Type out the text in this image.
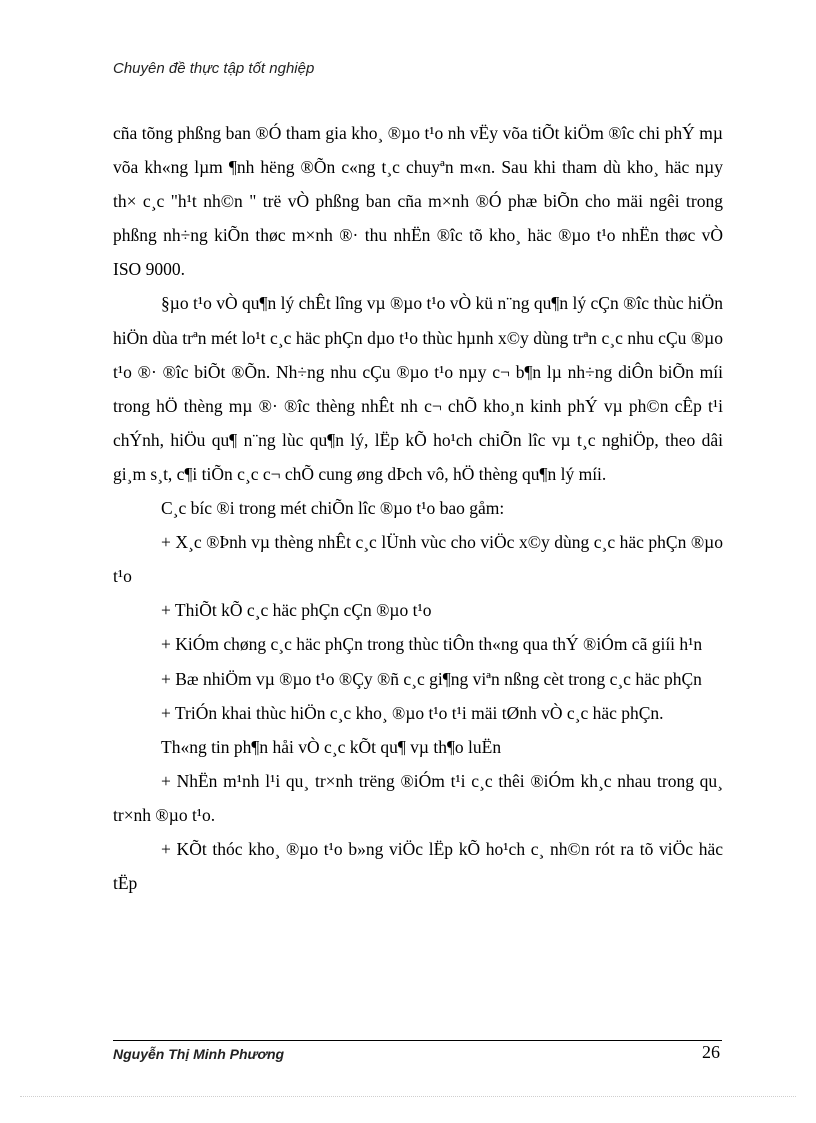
Chuyên đề thực tập tốt nghiệp

cña tõng phßng ban ®Ó tham gia kho¸ ®µo t¹o nh vËy võa tiÕt kiÖm ®îc chi phÝ mµ võa kh«ng lµm ¶nh hëng ®Õn c«ng t¸c chuyªn m«n. Sau khi tham dù kho¸ häc nµy th× c¸c "h¹t nh©n " trë vÒ phßng ban cña m×nh ®Ó phæ biÕn cho mäi ngêi trong phßng nh÷ng kiÕn thøc m×nh ®· thu nhËn ®îc tõ kho¸ häc ®µo t¹o nhËn thøc vÒ ISO 9000.

§µo t¹o vÒ qu¶n lý chÊt lîng vµ ®µo t¹o vÒ kü n¨ng qu¶n lý cÇn ®îc thùc hiÖn hiÖn dùa trªn mét lo¹t c¸c häc phÇn dµo t¹o thùc hµnh x©y dùng trªn c¸c nhu cÇu ®µo t¹o ®· ®îc biÕt ®Õn. Nh÷ng nhu cÇu ®µo t¹o nµy c¬ b¶n lµ nh÷ng diÔn biÕn míi trong hÖ thèng mµ ®· ®îc thèng nhÊt nh c¬ chÕ kho¸n kinh phÝ vµ ph©n cÊp t¹i chÝnh, hiÖu qu¶ n¨ng lùc qu¶n lý, lËp kÕ ho¹ch chiÕn lîc vµ t¸c nghiÖp, theo dâi gi¸m s¸t, c¶i tiÕn c¸c c¬ chÕ cung øng dÞch vô, hÖ thèng qu¶n lý míi.

C¸c bíc ®i trong mét chiÕn lîc ®µo t¹o bao gåm:

+ X¸c ®Þnh vµ thèng nhÊt c¸c lÜnh vùc cho viÖc x©y dùng c¸c häc phÇn ®µo t¹o

+ ThiÕt kÕ c¸c häc phÇn cÇn ®µo t¹o

+ KiÓm chøng c¸c häc phÇn trong thùc tiÔn th«ng qua thÝ ®iÓm cã giíi h¹n

+ Bæ nhiÖm vµ ®µo t¹o ®Çy ®ñ c¸c gi¶ng viªn nßng cèt trong c¸c häc phÇn

+ TriÓn khai thùc hiÖn c¸c kho¸ ®µo t¹o t¹i mäi tØnh vÒ c¸c häc phÇn.

Th«ng tin ph¶n håi vÒ c¸c kÕt qu¶ vµ th¶o luËn

+ NhËn m¹nh l¹i qu¸ tr×nh trëng ®iÓm t¹i c¸c thêi ®iÓm kh¸c nhau trong qu¸ tr×nh ®µo t¹o.

+ KÕt thóc kho¸ ®µo t¹o b»ng viÖc lËp kÕ ho¹ch c¸ nh©n rót ra tõ viÖc häc tËp

Nguyễn Thị Minh Phương	26
